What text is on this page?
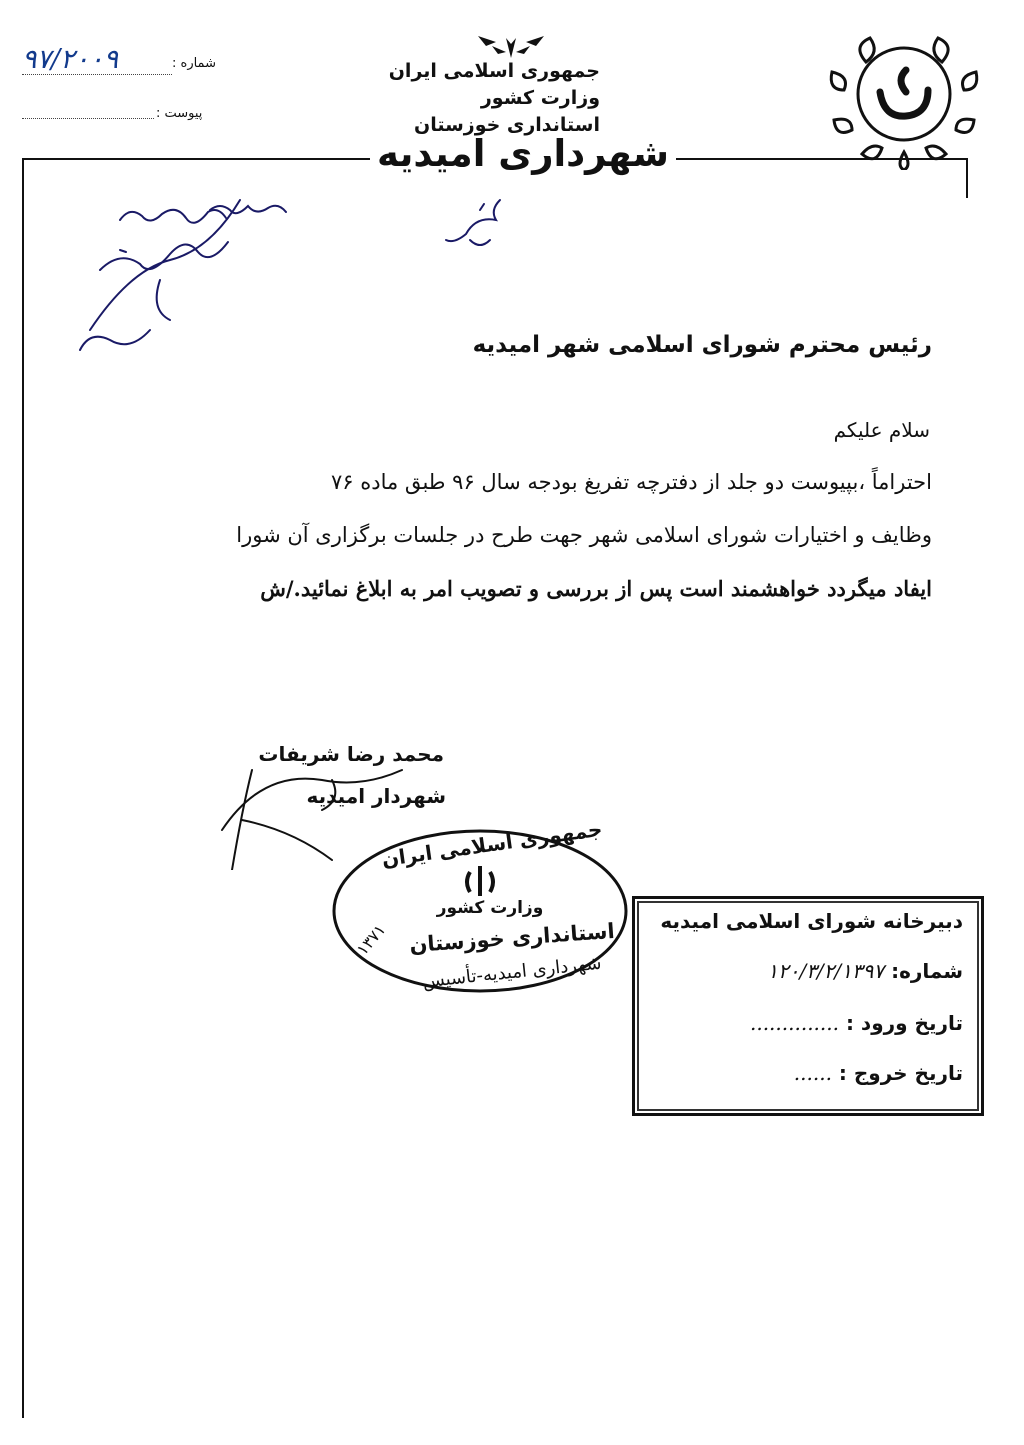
جمهوری اسلامی ایران
وزارت کشور
استانداری خوزستان
شماره :
۹۷/۲۰۰۹
پیوست :
شهرداری امیدیه
رئیس محترم شورای اسلامی شهر امیدیه
سلام علیکم
احتراماً ،بپیوست دو جلد از دفترچه تفریغ بودجه سال ۹۶ طبق ماده ۷۶
وظایف و اختیارات شورای اسلامی شهر جهت طرح در جلسات برگزاری آن شورا
ایفاد میگردد خواهشمند است پس از بررسی و تصویب امر به ابلاغ نمائید./ش
محمد رضا شریفات
شهردار امیدیه
جمهوری اسلامی ایران
وزارت کشور
استانداری خوزستان
شهرداری امیدیه-تأسیس
۱۳۷۱	دبیرخانه شورای اسلامی امیدیه
شماره: ۱۲۰/۳/۲/۱۳۹۷
تاریخ ورود : ..............
تاریخ خروج : ......
